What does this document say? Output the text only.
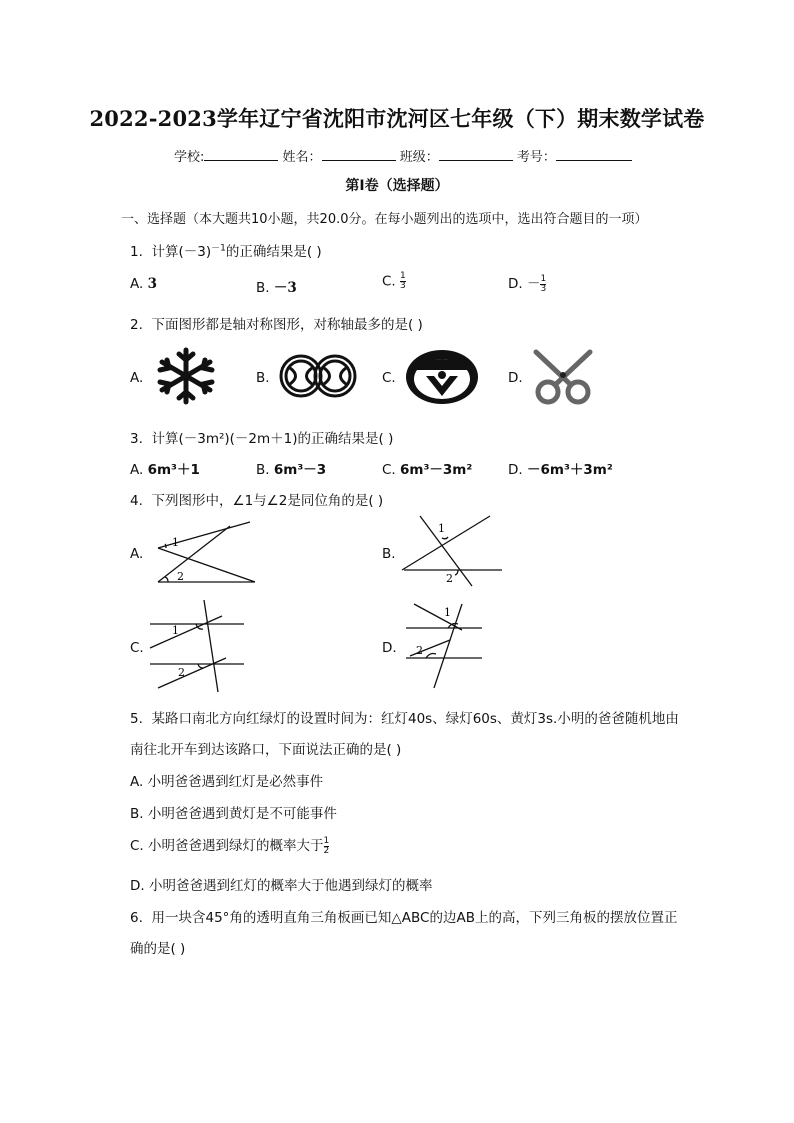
2022-2023学年辽宁省沈阳市沈河区七年级（下）期末数学试卷
学校:	姓名：	班级：	考号：
第I卷（选择题）
一、选择题（本大题共10小题，共20.0分。在每小题列出的选项中，选出符合题目的一项）
1. 计算$(-3)^{-1}$的正确结果是( )
A. 3	B. －3	C. $\frac{1}{3}$	D. － $\frac{1}{3}$
2. 下面图形都是轴对称图形，对称轴最多的是( )
A.	B.	C.	D.
3. 计算(－3m²)(－2m＋1)的正确结果是( )
A. 6m³＋1	B. 6m³－3	C. 6m³－3m²	D. －6m³＋3m²
4. 下列图形中，∠1与∠2是同位角的是( )
A.
1
2
B.
1
2
C.
1
2
D.
1
2
5. 某路口南北方向红绿灯的设置时间为：红灯40s、绿灯60s、黄灯3s.小明的爸爸随机地由
南往北开车到达该路口，下面说法正确的是( )
A. 小明爸爸遇到红灯是必然事件
B. 小明爸爸遇到黄灯是不可能事件
C. 小明爸爸遇到绿灯的概率大于 $\frac{1}{2}$
D. 小明爸爸遇到红灯的概率大于他遇到绿灯的概率
6. 用一块含45°角的透明直角三角板画已知△ABC的边AB上的高，下列三角板的摆放位置正
确的是( )
